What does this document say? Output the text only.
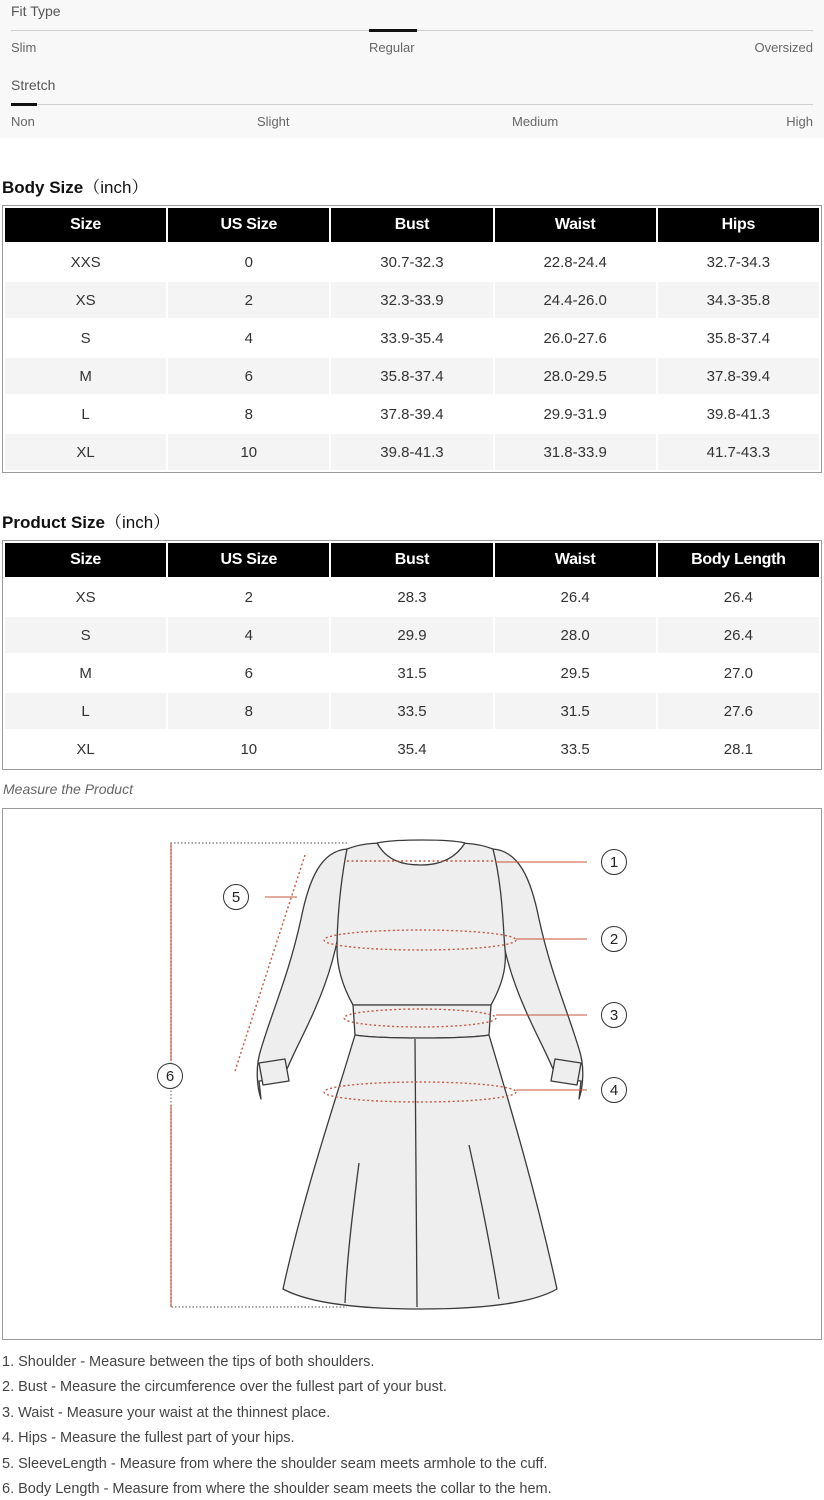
Fit Type
Slim	Regular	Oversized
Stretch
Non	Slight	Medium	High
Body Size（inch）
Size	US Size	Bust	Waist	Hips
XXS	0	30.7-32.3	22.8-24.4	32.7-34.3
XS	2	32.3-33.9	24.4-26.0	34.3-35.8
S	4	33.9-35.4	26.0-27.6	35.8-37.4
M	6	35.8-37.4	28.0-29.5	37.8-39.4
L	8	37.8-39.4	29.9-31.9	39.8-41.3
XL	10	39.8-41.3	31.8-33.9	41.7-43.3
Product Size（inch）
Size	US Size	Bust	Waist	Body Length
XS	2	28.3	26.4	26.4
S	4	29.9	28.0	26.4
M	6	31.5	29.5	27.0
L	8	33.5	31.5	27.6
XL	10	35.4	33.5	28.1
Measure the Product
1
2
3
4
5
6
1. Shoulder - Measure between the tips of both shoulders.
2. Bust - Measure the circumference over the fullest part of your bust.
3. Waist - Measure your waist at the thinnest place.
4. Hips - Measure the fullest part of your hips.
5. SleeveLength - Measure from where the shoulder seam meets armhole to the cuff.
6. Body Length - Measure from where the shoulder seam meets the collar to the hem.
